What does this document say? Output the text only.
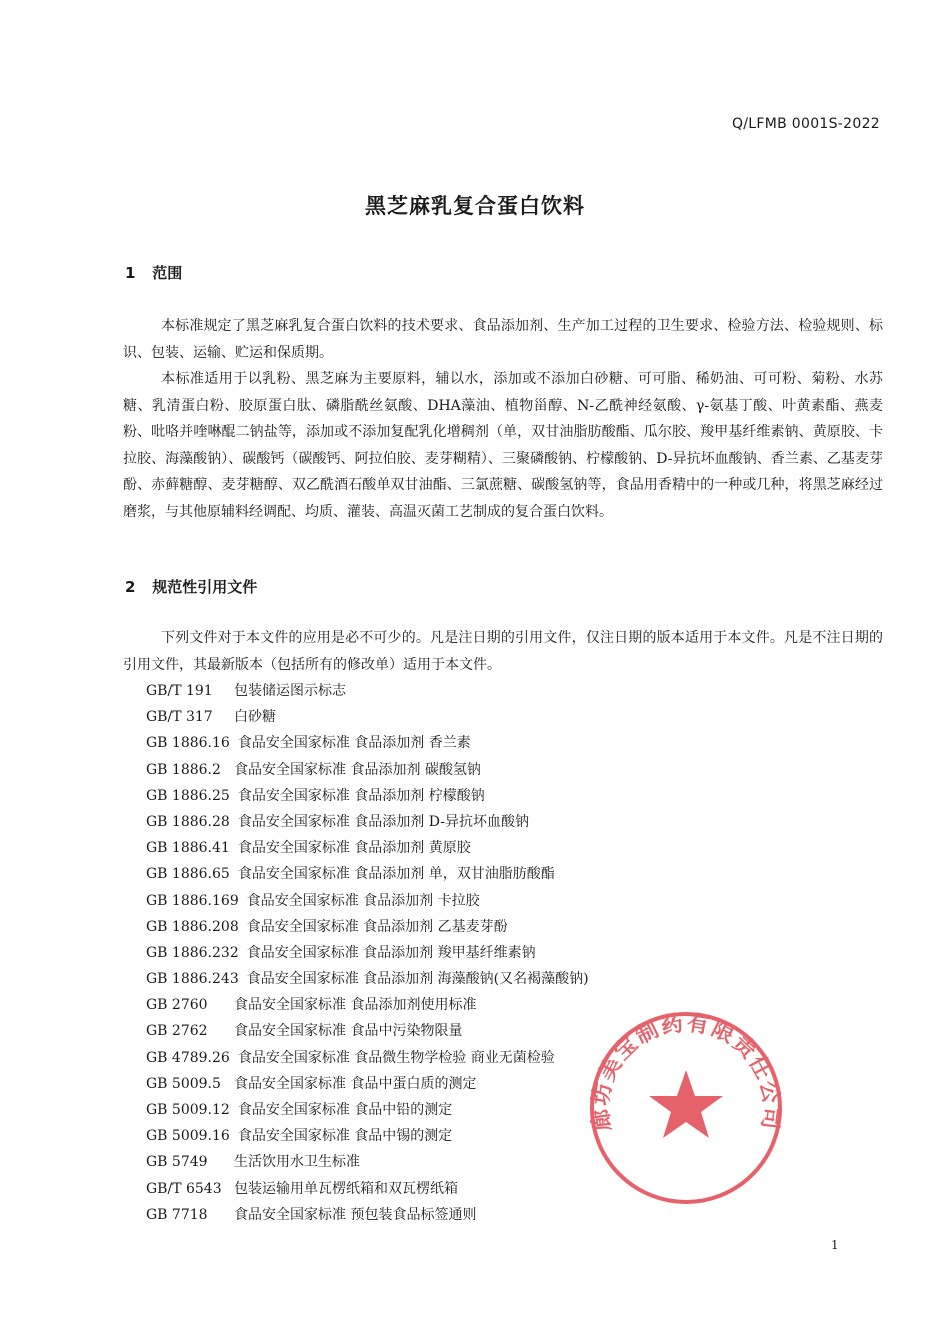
Q/LFMB 0001S-2022
黑芝麻乳复合蛋白饮料
1 范围
本标准规定了黑芝麻乳复合蛋白饮料的技术要求、食品添加剂、生产加工过程的卫生要求、检验方法、检验规则、标识、包装、运输、贮运和保质期。
本标准适用于以乳粉、黑芝麻为主要原料，辅以水，添加或不添加白砂糖、可可脂、稀奶油、可可粉、菊粉、水苏糖、乳清蛋白粉、胶原蛋白肽、磷脂酰丝氨酸、DHA藻油、植物甾醇、N-乙酰神经氨酸、γ-氨基丁酸、叶黄素酯、燕麦粉、吡咯并喹啉醌二钠盐等，添加或不添加复配乳化增稠剂（单，双甘油脂肪酸酯、瓜尔胶、羧甲基纤维素钠、黄原胶、卡拉胶、海藻酸钠）、碳酸钙（碳酸钙、阿拉伯胶、麦芽糊精）、三聚磷酸钠、柠檬酸钠、D-异抗坏血酸钠、香兰素、乙基麦芽酚、赤藓糖醇、麦芽糖醇、双乙酰酒石酸单双甘油酯、三氯蔗糖、碳酸氢钠等，食品用香精中的一种或几种，将黑芝麻经过磨浆，与其他原辅料经调配、均质、灌装、高温灭菌工艺制成的复合蛋白饮料。
2 规范性引用文件
下列文件对于本文件的应用是必不可少的。凡是注日期的引用文件，仅注日期的版本适用于本文件。凡是不注日期的引用文件，其最新版本（包括所有的修改单）适用于本文件。
GB/T 191 包装储运图示标志
GB/T 317 白砂糖
GB 1886.16 食品安全国家标准 食品添加剂 香兰素
GB 1886.2 食品安全国家标准 食品添加剂 碳酸氢钠
GB 1886.25 食品安全国家标准 食品添加剂 柠檬酸钠
GB 1886.28 食品安全国家标准 食品添加剂 D-异抗坏血酸钠
GB 1886.41 食品安全国家标准 食品添加剂 黄原胶
GB 1886.65 食品安全国家标准 食品添加剂 单，双甘油脂肪酸酯
GB 1886.169 食品安全国家标准 食品添加剂 卡拉胶
GB 1886.208 食品安全国家标准 食品添加剂 乙基麦芽酚
GB 1886.232 食品安全国家标准 食品添加剂 羧甲基纤维素钠
GB 1886.243 食品安全国家标准 食品添加剂 海藻酸钠(又名褐藻酸钠)
GB 2760 食品安全国家标准 食品添加剂使用标准
GB 2762 食品安全国家标准 食品中污染物限量
GB 4789.26 食品安全国家标准 食品微生物学检验 商业无菌检验
GB 5009.5 食品安全国家标准 食品中蛋白质的测定
GB 5009.12 食品安全国家标准 食品中铅的测定
GB 5009.16 食品安全国家标准 食品中锡的测定
GB 5749 生活饮用水卫生标准
GB/T 6543 包装运输用单瓦楞纸箱和双瓦楞纸箱
GB 7718 食品安全国家标准 预包装食品标签通则
廊坊美宝制药有限责任公司
1
